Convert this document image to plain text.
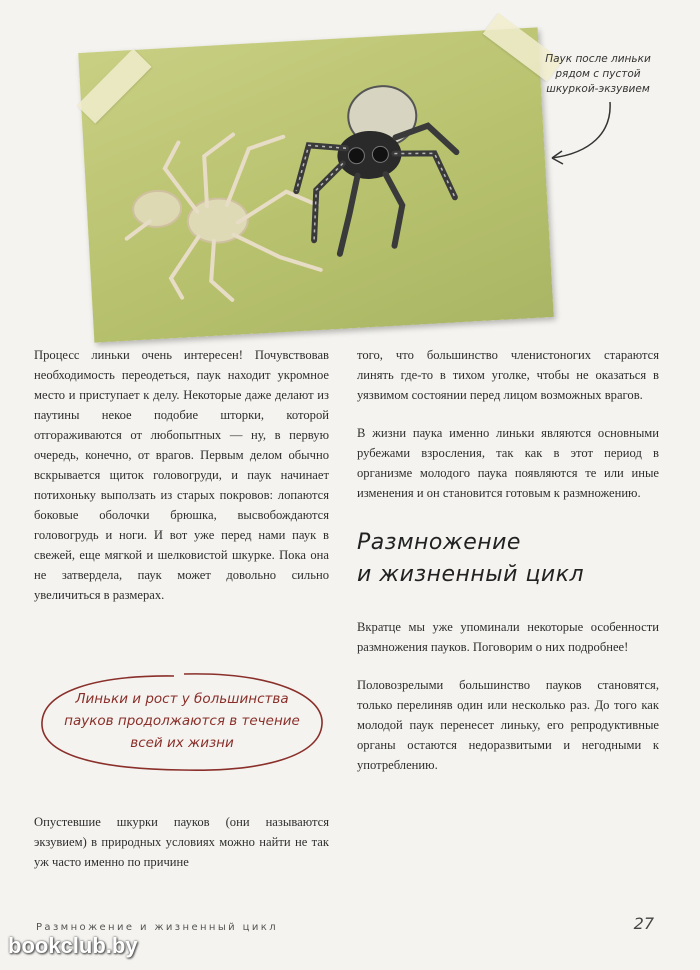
Паук после линьки рядом с пустой шкуркой-экзувием

Процесс линьки очень интересен! Почувствовав необходимость переодеться, паук находит укромное место и приступает к делу. Некоторые даже делают из паутины некое подобие шторки, которой отгораживаются от любопытных — ну, в первую очередь, конечно, от врагов. Первым делом обычно вскрывается щиток головогруди, и паук начинает потихоньку выползать из старых покровов: лопаются боковые оболочки брюшка, высвобождаются головогрудь и ноги. И вот уже перед нами паук в свежей, еще мягкой и шелковистой шкурке. Пока она не затвердела, паук может довольно сильно увеличиться в размерах.

Линьки и рост у большинства пауков продолжаются в течение всей их жизни

Опустевшие шкурки пауков (они называются экзувием) в природных условиях можно найти не так уж часто именно по причине

того, что большинство членистоногих стараются линять где-то в тихом уголке, чтобы не оказаться в уязвимом состоянии перед лицом возможных врагов.

В жизни паука именно линьки являются основными рубежами взросления, так как в этот период в организме молодого паука появляются те или иные изменения и он становится готовым к размножению.

Размножение
и жизненный цикл

Вкратце мы уже упоминали некоторые особенности размножения пауков. Поговорим о них подробнее!

Половозрелыми большинство пауков становятся, только перелиняв один или несколько раз. До того как молодой паук перенесет линьку, его репродуктивные органы остаются недоразвитыми и негодными к употреблению.

Размножение и жизненный цикл	27
bookclub.by
